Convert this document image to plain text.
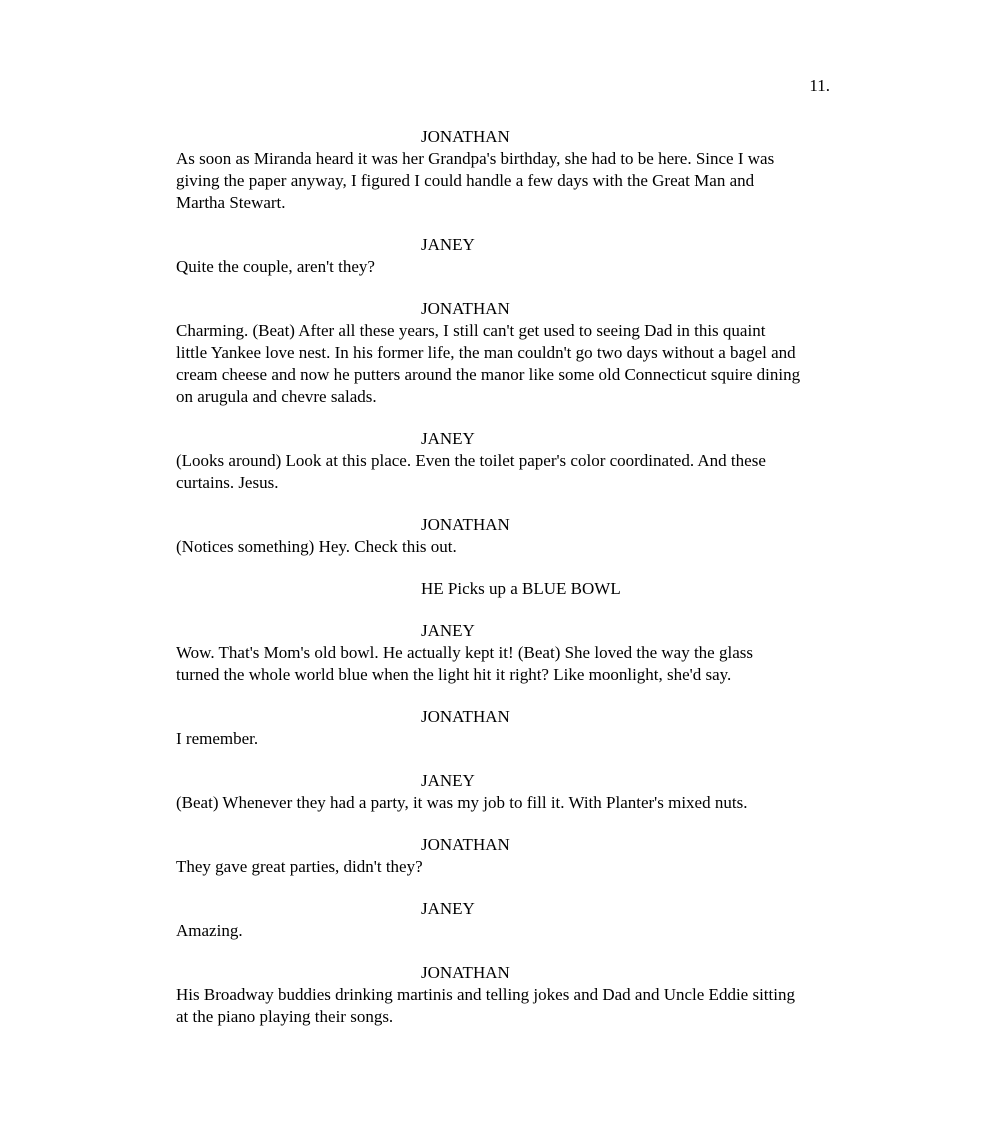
11.
JONATHAN
As soon as Miranda heard it was her Grandpa's birthday, she had to be here. Since I was
giving the paper anyway, I figured I could handle a few days with the Great Man and
Martha Stewart.
JANEY
Quite the couple, aren't they?
JONATHAN
Charming. (Beat) After all these years, I still can't get used to seeing Dad in this quaint
little Yankee love nest. In his former life, the man couldn't go two days without a bagel and
cream cheese and now he putters around the manor like some old Connecticut squire dining
on arugula and chevre salads.
JANEY
(Looks around) Look at this place. Even the toilet paper's color coordinated. And these
curtains. Jesus.
JONATHAN
(Notices something) Hey. Check this out.
HE Picks up a BLUE BOWL
JANEY
Wow. That's Mom's old bowl. He actually kept it! (Beat) She loved the way the glass
turned the whole world blue when the light hit it right? Like moonlight, she'd say.
JONATHAN
I remember.
JANEY
(Beat) Whenever they had a party, it was my job to fill it. With Planter's mixed nuts.
JONATHAN
They gave great parties, didn't they?
JANEY
Amazing.
JONATHAN
His Broadway buddies drinking martinis and telling jokes and Dad and Uncle Eddie sitting
at the piano playing their songs.
